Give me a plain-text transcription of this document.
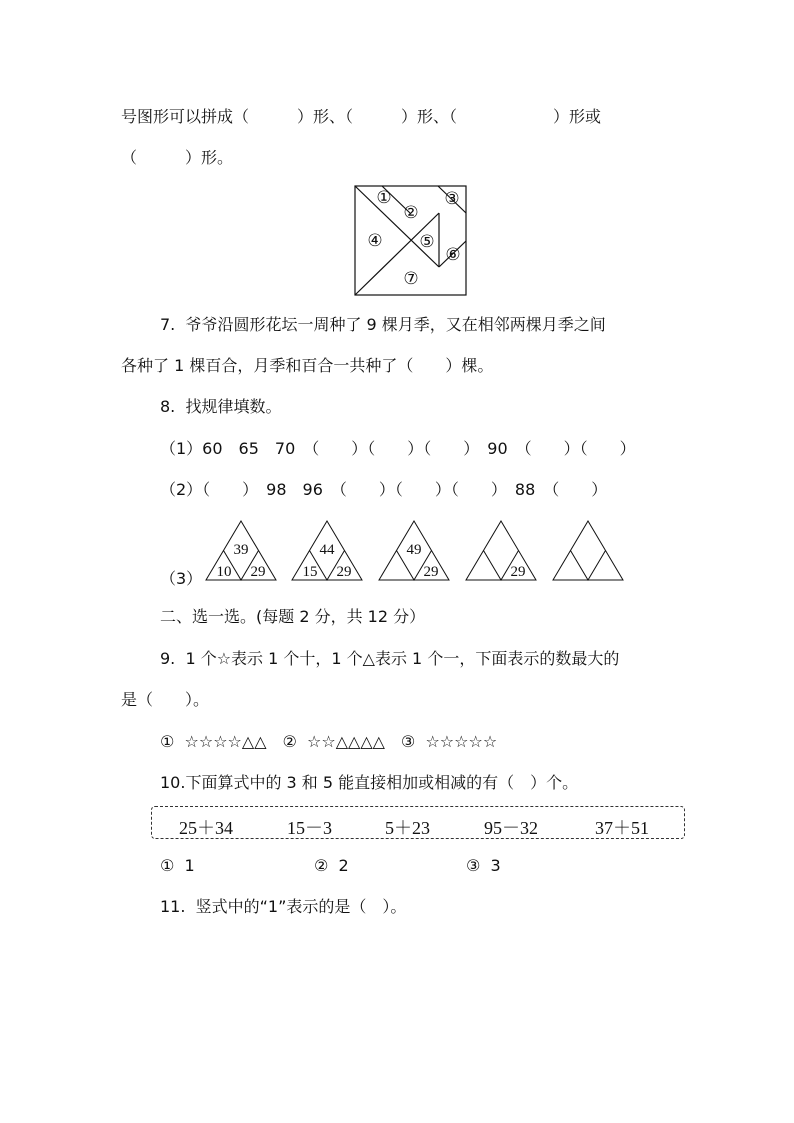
号图形可以拼成（　　　）形、（　　　）形、（　　　　　　）形或
（　　　）形。
①
②
③
④ ⑤
⑥
⑦
7.  爷爷沿圆形花坛一周种了 9 棵月季，又在相邻两棵月季之间
各种了 1 棵百合，月季和百合一共种了（　　）棵。
8.  找规律填数。
（1）60　65　70　（　　）（　　）（　　）　90　（　　）（　　）
（2）（　　）　98　96　（　　）（　　）（　　）　88　（　　）
（3）
39
10 29
44
15 29
49
29	29
二、选一选。(每题 2 分，共 12 分）
9.  1 个☆表示 1 个十，1 个△表示 1 个一，下面表示的数最大的
是（　　）。
①  ☆☆☆☆△△　②  ☆☆△△△△　③  ☆☆☆☆☆
10.下面算式中的 3 和 5 能直接相加或相减的有（　）个。
25＋34	15－3	5＋23	95－32	37＋51
①  1	②  2	③  3
11.  竖式中的“1”表示的是（　）。
